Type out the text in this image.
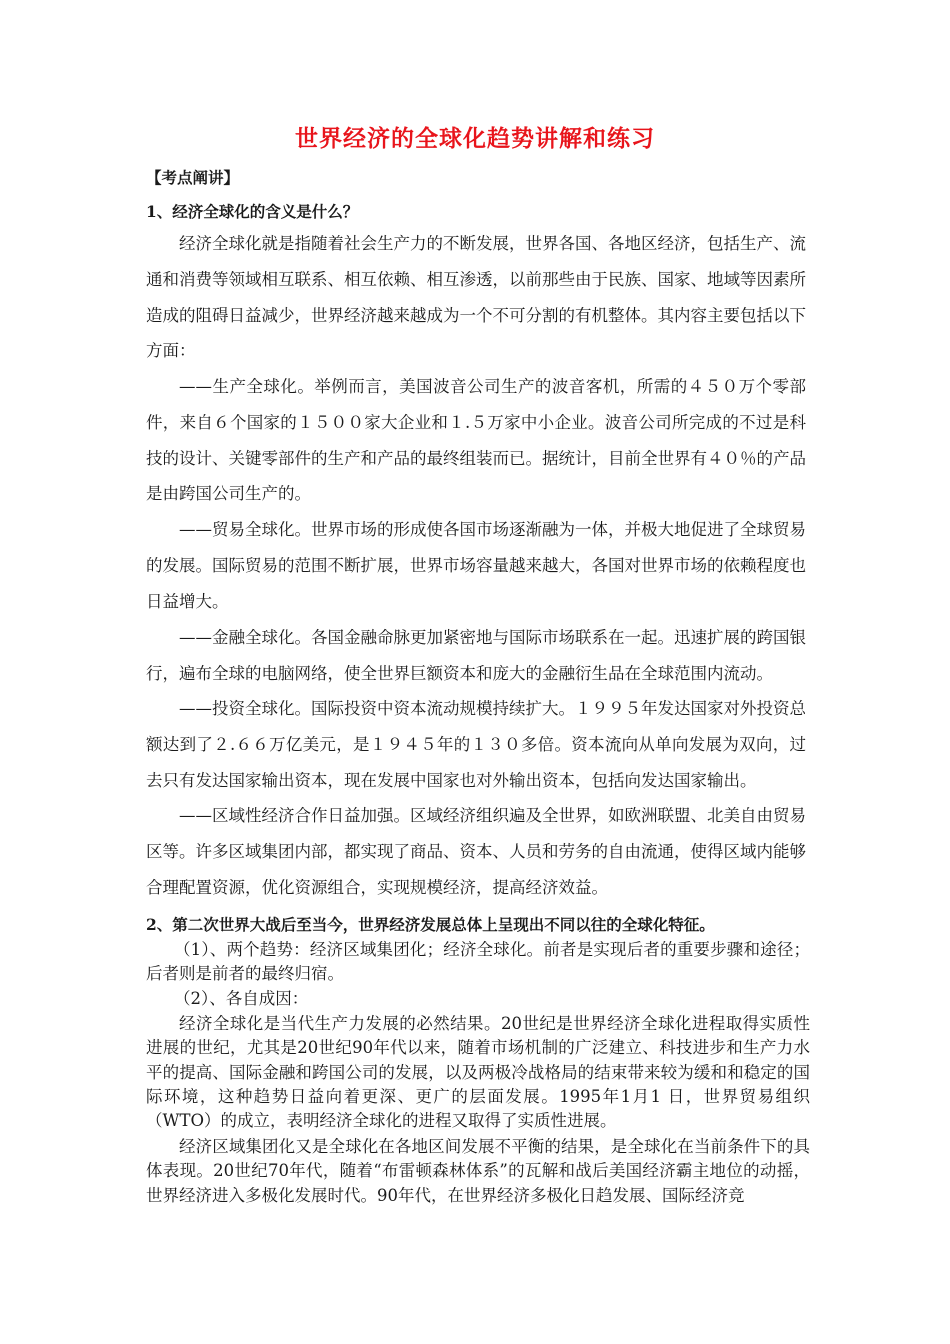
世界经济的全球化趋势讲解和练习
【考点阐讲】
1、经济全球化的含义是什么？

经济全球化就是指随着社会生产力的不断发展，世界各国、各地区经济，包括生产、流通和消费等领域相互联系、相互依赖、相互渗透，以前那些由于民族、国家、地域等因素所造成的阻碍日益减少，世界经济越来越成为一个不可分割的有机整体。其内容主要包括以下方面：

——生产全球化。举例而言，美国波音公司生产的波音客机，所需的４５０万个零部件，来自６个国家的１５００家大企业和１.５万家中小企业。波音公司所完成的不过是科技的设计、关键零部件的生产和产品的最终组装而已。据统计，目前全世界有４０％的产品是由跨国公司生产的。

——贸易全球化。世界市场的形成使各国市场逐渐融为一体，并极大地促进了全球贸易的发展。国际贸易的范围不断扩展，世界市场容量越来越大，各国对世界市场的依赖程度也日益增大。

——金融全球化。各国金融命脉更加紧密地与国际市场联系在一起。迅速扩展的跨国银行，遍布全球的电脑网络，使全世界巨额资本和庞大的金融衍生品在全球范围内流动。

——投资全球化。国际投资中资本流动规模持续扩大。１９９５年发达国家对外投资总额达到了２.６６万亿美元，是１９４５年的１３０多倍。资本流向从单向发展为双向，过去只有发达国家输出资本，现在发展中国家也对外输出资本，包括向发达国家输出。

——区域性经济合作日益加强。区域经济组织遍及全世界，如欧洲联盟、北美自由贸易区等。许多区域集团内部，都实现了商品、资本、人员和劳务的自由流通，使得区域内能够合理配置资源，优化资源组合，实现规模经济，提高经济效益。

2、第二次世界大战后至当今，世界经济发展总体上呈现出不同以往的全球化特征。

（1）、两个趋势：经济区域集团化；经济全球化。前者是实现后者的重要步骤和途径；后者则是前者的最终归宿。

（2）、各自成因：

经济全球化是当代生产力发展的必然结果。20世纪是世界经济全球化进程取得实质性进展的世纪，尤其是20世纪90年代以来，随着市场机制的广泛建立、科技进步和生产力水平的提高、国际金融和跨国公司的发展，以及两极冷战格局的结束带来较为缓和和稳定的国际环境，这种趋势日益向着更深、更广的层面发展。1995年1月1 日，世界贸易组织（WTO）的成立，表明经济全球化的进程又取得了实质性进展。

经济区域集团化又是全球化在各地区间发展不平衡的结果，是全球化在当前条件下的具体表现。20世纪70年代，随着“布雷顿森林体系”的瓦解和战后美国经济霸主地位的动摇，世界经济进入多极化发展时代。90年代，在世界经济多极化日趋发展、国际经济竞
